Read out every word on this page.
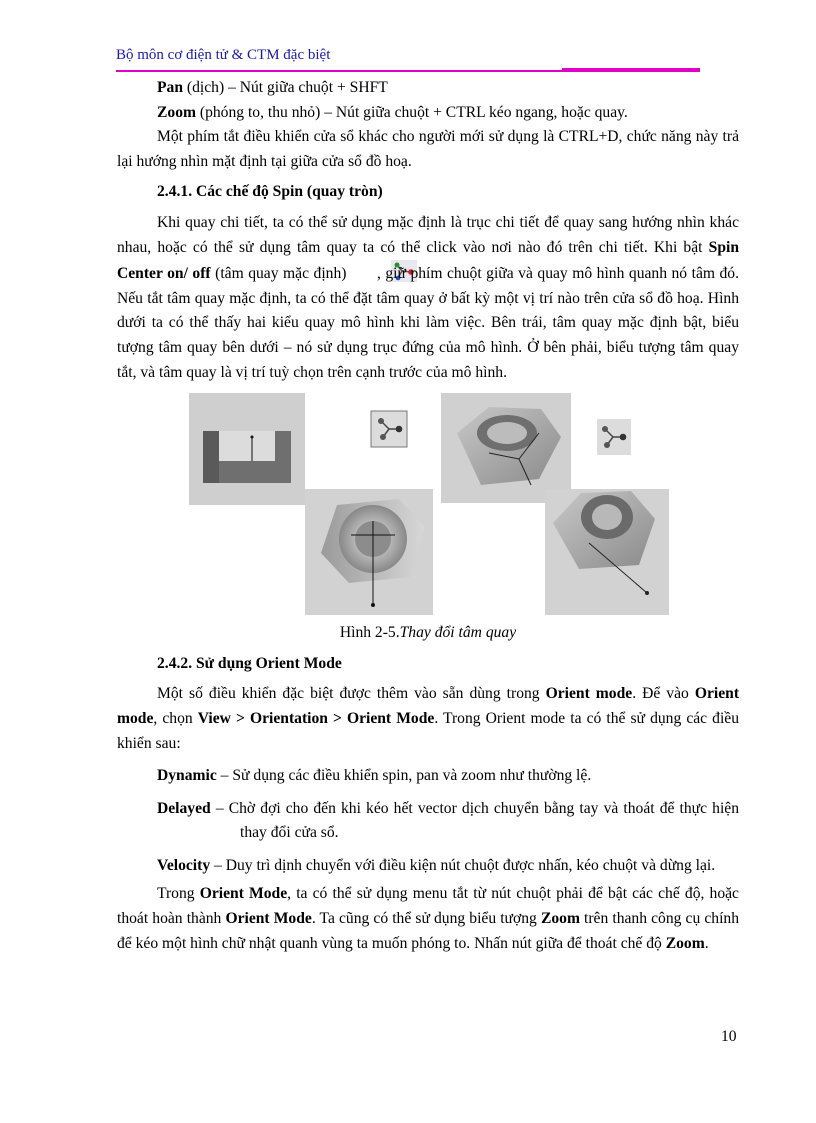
Bộ môn cơ điện tử & CTM đặc biệt

Pan (dịch) – Nút giữa chuột + SHFT

Zoom (phóng to, thu nhỏ) – Nút giữa chuột + CTRL kéo ngang, hoặc quay.

Một phím tắt điều khiển cửa sổ khác cho người mới sử dụng là CTRL+D, chức năng này trả lại hướng nhìn mặt định tại giữa cửa sổ đồ hoạ.

2.4.1. Các chế độ Spin (quay tròn)

Khi quay chi tiết, ta có thể sử dụng mặc định là trục chi tiết để quay sang hướng nhìn khác nhau, hoặc có thể sử dụng tâm quay ta có thể click vào nơi nào đó trên chi tiết. Khi bật Spin Center on/ off (tâm quay mặc định) , giữ phím chuột giữa và quay mô hình quanh nó tâm đó. Nếu tắt tâm quay mặc định, ta có thể đặt tâm quay ở bất kỳ một vị trí nào trên cửa sổ đồ hoạ. Hình dưới ta có thể thấy hai kiểu quay mô hình khi làm việc. Bên trái, tâm quay mặc định bật, biểu tượng tâm quay bên dưới – nó sử dụng trục đứng của mô hình. Ở bên phải, biểu tượng tâm quay tắt, và tâm quay là vị trí tuỳ chọn trên cạnh trước của mô hình.

Hình 2-5.Thay đổi tâm quay

2.4.2. Sử dụng Orient Mode

Một số điều khiển đặc biệt được thêm vào sẵn dùng trong Orient mode. Để vào Orient mode, chọn View > Orientation > Orient Mode. Trong Orient mode ta có thể sử dụng các điều khiển sau:

Dynamic – Sử dụng các điều khiển spin, pan và zoom như thường lệ.

Delayed – Chờ đợi cho đến khi kéo hết vector dịch chuyển bằng tay và thoát để thực hiện thay đổi cửa sổ.

Velocity – Duy trì dịnh chuyển với điều kiện nút chuột được nhấn, kéo chuột và dừng lại.

Trong Orient Mode, ta có thể sử dụng menu tắt từ nút chuột phải để bật các chế độ, hoặc thoát hoàn thành Orient Mode. Ta cũng có thể sử dụng biểu tượng Zoom trên thanh công cụ chính để kéo một hình chữ nhật quanh vùng ta muốn phóng to. Nhấn nút giữa để thoát chế độ Zoom.

10
